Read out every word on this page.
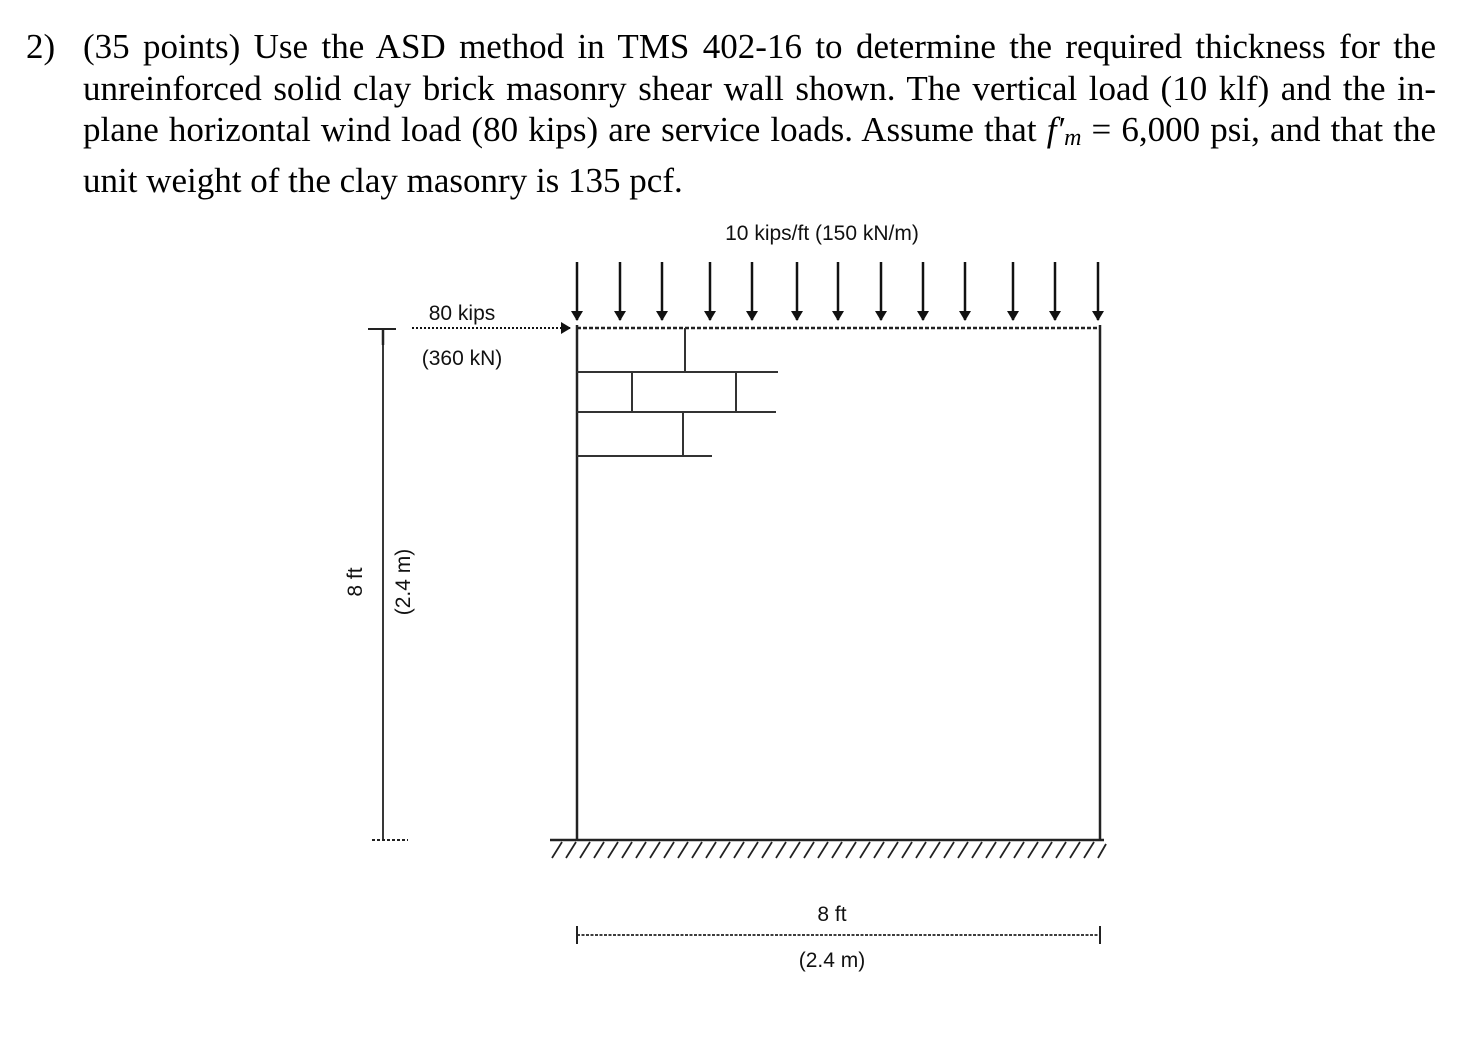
2) (35 points) Use the ASD method in TMS 402-16 to determine the required thickness for the
unreinforced solid clay brick masonry shear wall shown. The vertical load (10 klf) and the in-
plane horizontal wind load (80 kips) are service loads. Assume that $f'_m = 6,000$ psi, and that the
unit weight of the clay masonry is 135 pcf.
10 kips/ft (150 kN/m)
80 kips
(360 kN)
8 ft (2.4 m)
8 ft
(2.4 m)
